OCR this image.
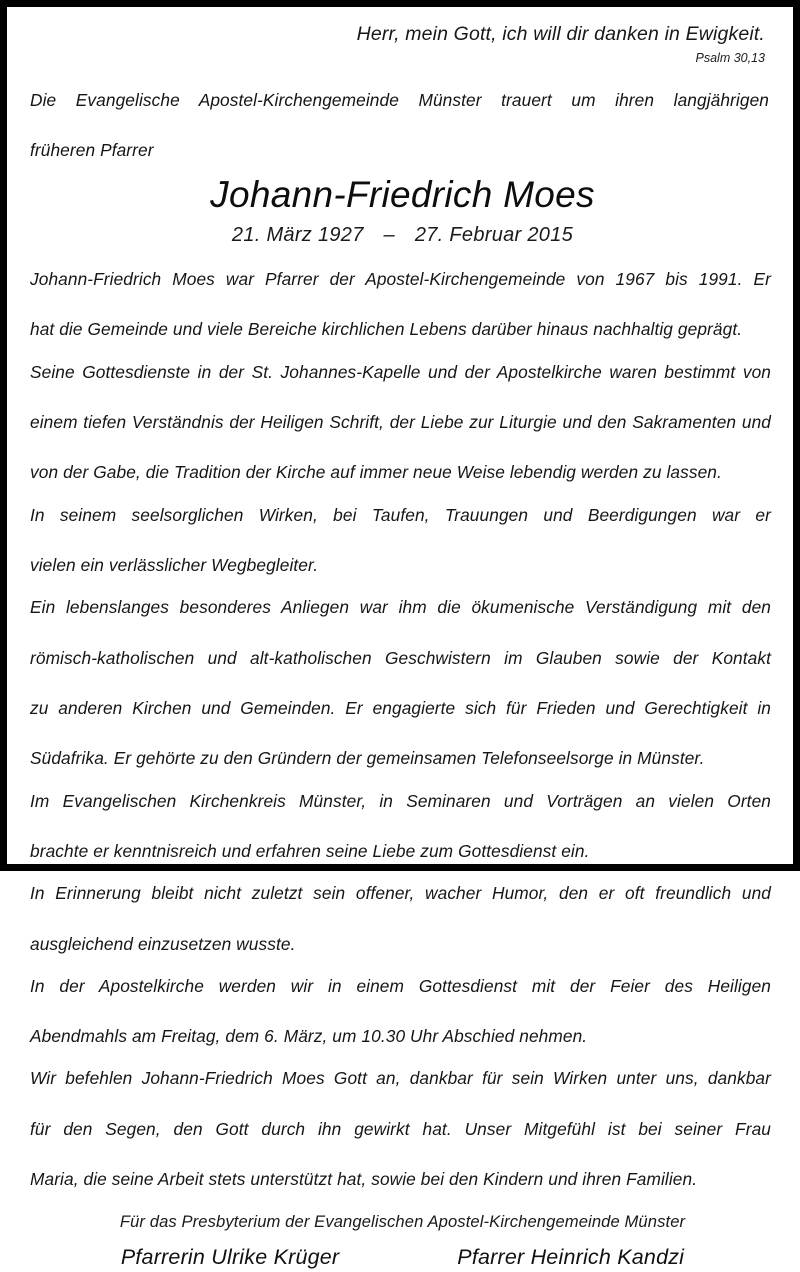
Herr, mein Gott, ich will dir danken in Ewigkeit.
Psalm 30,13
Die Evangelische Apostel-Kirchengemeinde Münster trauert um ihren langjährigen
früheren Pfarrer
Johann-Friedrich Moes
21. März 1927 – 27. Februar 2015
Johann-Friedrich Moes war Pfarrer der Apostel-Kirchengemeinde von 1967 bis 1991. Er
hat die Gemeinde und viele Bereiche kirchlichen Lebens darüber hinaus nachhaltig geprägt.
Seine Gottesdienste in der St. Johannes-Kapelle und der Apostelkirche waren bestimmt von
einem tiefen Verständnis der Heiligen Schrift, der Liebe zur Liturgie und den Sakramenten und
von der Gabe, die Tradition der Kirche auf immer neue Weise lebendig werden zu lassen.
In seinem seelsorglichen Wirken, bei Taufen, Trauungen und Beerdigungen war er
vielen ein verlässlicher Wegbegleiter.
Ein lebenslanges besonderes Anliegen war ihm die ökumenische Verständigung mit den
römisch-katholischen und alt-katholischen Geschwistern im Glauben sowie der Kontakt
zu anderen Kirchen und Gemeinden. Er engagierte sich für Frieden und Gerechtigkeit in
Südafrika. Er gehörte zu den Gründern der gemeinsamen Telefonseelsorge in Münster.
Im Evangelischen Kirchenkreis Münster, in Seminaren und Vorträgen an vielen Orten
brachte er kenntnisreich und erfahren seine Liebe zum Gottesdienst ein.
In Erinnerung bleibt nicht zuletzt sein offener, wacher Humor, den er oft freundlich und
ausgleichend einzusetzen wusste.
In der Apostelkirche werden wir in einem Gottesdienst mit der Feier des Heiligen
Abendmahls am Freitag, dem 6. März, um 10.30 Uhr Abschied nehmen.
Wir befehlen Johann-Friedrich Moes Gott an, dankbar für sein Wirken unter uns, dankbar
für den Segen, den Gott durch ihn gewirkt hat. Unser Mitgefühl ist bei seiner Frau
Maria, die seine Arbeit stets unterstützt hat, sowie bei den Kindern und ihren Familien.
Für das Presbyterium der Evangelischen Apostel-Kirchengemeinde Münster
Pfarrerin Ulrike Krüger	Pfarrer Heinrich Kandzi
